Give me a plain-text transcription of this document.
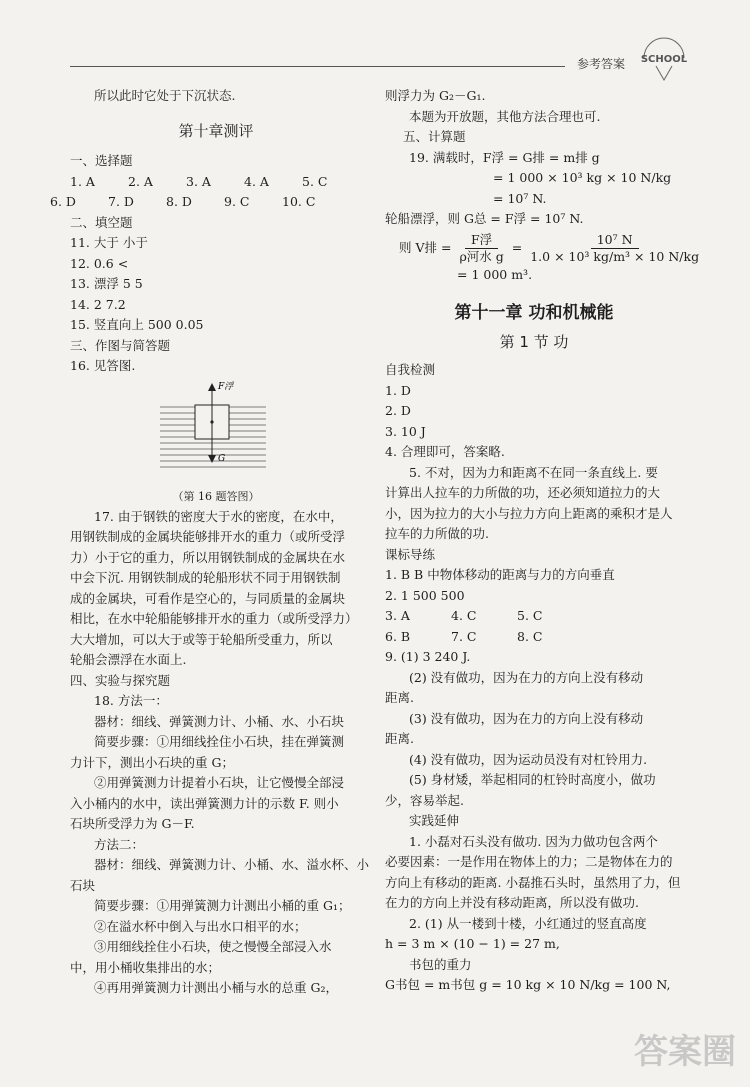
参考答案 SCHOOL
所以此时它处于下沉状态.
第十章测评
一、选择题
1. A	2. A	3. A	4. A	5. C
6. D	7. D	8. D	9. C	10. C
二、填空题
11. 大于 小于
12. 0.6 <
13. 漂浮 5 5
14. 2 7.2
15. 竖直向上 500 0.05
三、作图与简答题
16. 见答图.
F浮
G
（第 16 题答图）
17. 由于钢铁的密度大于水的密度，在水中，
用钢铁制成的金属块能够排开水的重力（或所受浮
力）小于它的重力，所以用钢铁制成的金属块在水
中会下沉. 用钢铁制成的轮船形状不同于用钢铁制
成的金属块，可看作是空心的，与同质量的金属块
相比，在水中轮船能够排开水的重力（或所受浮力）
大大增加，可以大于或等于轮船所受重力，所以
轮船会漂浮在水面上.
四、实验与探究题
18. 方法一：
器材：细线、弹簧测力计、小桶、水、小石块
简要步骤：①用细线拴住小石块，挂在弹簧测
力计下，测出小石块的重 G；
②用弹簧测力计提着小石块，让它慢慢全部浸
入小桶内的水中，读出弹簧测力计的示数 F. 则小
石块所受浮力为 G－F.
方法二：
器材：细线、弹簧测力计、小桶、水、溢水杯、小
石块
简要步骤：①用弹簧测力计测出小桶的重 G₁；
②在溢水杯中倒入与出水口相平的水；
③用细线拴住小石块，使之慢慢全部浸入水
中，用小桶收集排出的水；
④再用弹簧测力计测出小桶与水的总重 G₂，
则浮力为 G₂－G₁.
本题为开放题，其他方法合理也可.
五、计算题
19. 满载时，F浮 = G排 = m排 g
= 1 000 × 10³ kg × 10 N/kg
= 10⁷ N.
轮船漂浮，则 G总 = F浮 = 10⁷ N.
则 V排 = $\frac{\text{F浮}}{\text{ρ河水 g}} = \frac{\text{10⁷ N}}{\text{1.0 × 10³ kg/m³ × 10 N/kg}}$
= 1 000 m³.
第十一章 功和机械能
第 1 节 功
自我检测
1. D
2. D
3. 10 J
4. 合理即可，答案略.
5. 不对，因为力和距离不在同一条直线上. 要
计算出人拉车的力所做的功，还必须知道拉力的大
小，因为拉力的大小与拉力方向上距离的乘积才是人
拉车的力所做的功.
课标导练
1. B B 中物体移动的距离与力的方向垂直
2. 1 500 500
3. A	4. C	5. C
6. B	7. C	8. C
9. (1) 3 240 J.
(2) 没有做功，因为在力的方向上没有移动
距离.
(3) 没有做功，因为在力的方向上没有移动
距离.
(4) 没有做功，因为运动员没有对杠铃用力.
(5) 身材矮，举起相同的杠铃时高度小，做功
少，容易举起.
实践延伸
1. 小磊对石头没有做功. 因为力做功包含两个
必要因素：一是作用在物体上的力；二是物体在力的
方向上有移动的距离. 小磊推石头时，虽然用了力，但
在力的方向上并没有移动距离，所以没有做功.
2. (1) 从一楼到十楼，小红通过的竖直高度
h = 3 m × (10 − 1) = 27 m,
书包的重力
G书包 = m书包 g = 10 kg × 10 N/kg = 100 N,
答案圈
